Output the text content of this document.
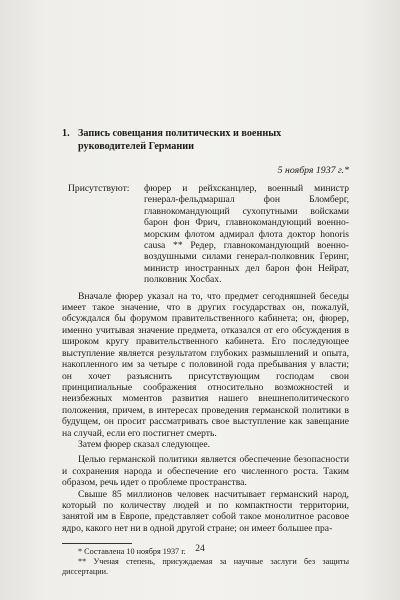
1. Запись совещания политических и военных руководителей Германии
5 ноября 1937 г.*
Присутствуют:	фюрер и рейхсканцлер, военный министр генерал-фельдмаршал фон Бломберг, главнокомандующий сухопутными войсками барон фон Фрич, главнокомандующий военно-морским флотом адмирал флота доктор honoris causa ** Редер, главнокомандующий военно-воздушными силами генерал-полковник Геринг, министр иностранных дел барон фон Нейрат, полковник Хосбах.

Вначале фюрер указал на то, что предмет сегодняшней беседы имеет такое значение, что в других государствах он, пожалуй, обсуждался бы форумом правительственного кабинета; он, фюрер, именно учитывая значение предмета, отказался от его обсуждения в широком кругу правительственного кабинета. Его последующее выступление является результатом глубоких размышлений и опыта, накопленного им за четыре с половиной года пребывания у власти; он хочет разъяснить присутствующим господам свои принципиальные соображения относительно возможностей и неизбежных моментов развития нашего внешнеполитического положения, причем, в интересах проведения германской политики в будущем, он просит рассматривать свое выступление как завещание на случай, если его постигнет смерть.

Затем фюрер сказал следующее.

Целью германской политики является обеспечение безопасности и сохранения народа и обеспечение его численного роста. Таким образом, речь идет о проблеме пространства.

Свыше 85 миллионов человек насчитывает германский народ, который по количеству людей и по компактности территории, занятой им в Европе, представляет собой такое монолитное расовое ядро, какого нет ни в одной другой стране; он имеет большее пра-

* Составлена 10 ноября 1937 г.

** Ученая степень, присуждаемая за научные заслуги без защиты диссертации.

24
